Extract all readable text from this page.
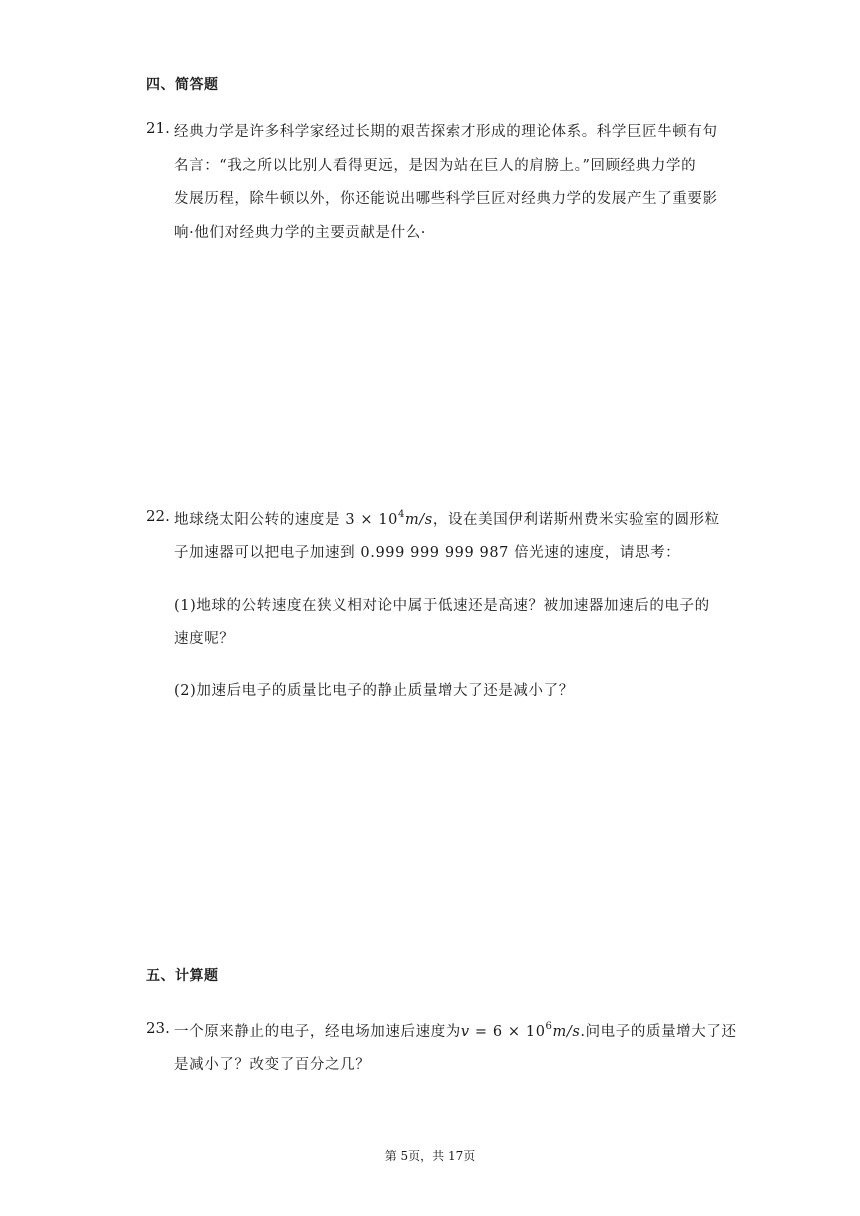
四、简答题
21. 经典力学是许多科学家经过长期的艰苦探索才形成的理论体系。科学巨匠牛顿有句
名言：“我之所以比别人看得更远，是因为站在巨人的肩膀上。”回顾经典力学的
发展历程，除牛顿以外，你还能说出哪些科学巨匠对经典力学的发展产生了重要影
响·他们对经典力学的主要贡献是什么·
22. 地球绕太阳公转的速度是 $3 \times 10^4m/s$，设在美国伊利诺斯州费米实验室的圆形粒
子加速器可以把电子加速到 0.999 999 999 987 倍光速的速度，请思考：
(1)地球的公转速度在狭义相对论中属于低速还是高速？被加速器加速后的电子的
速度呢？
(2)加速后电子的质量比电子的静止质量增大了还是减小了？
五、计算题
23. 一个原来静止的电子，经电场加速后速度为$v = 6 \times 10^6m/s$.问电子的质量增大了还
是减小了？改变了百分之几？
第 5页，共 17页
